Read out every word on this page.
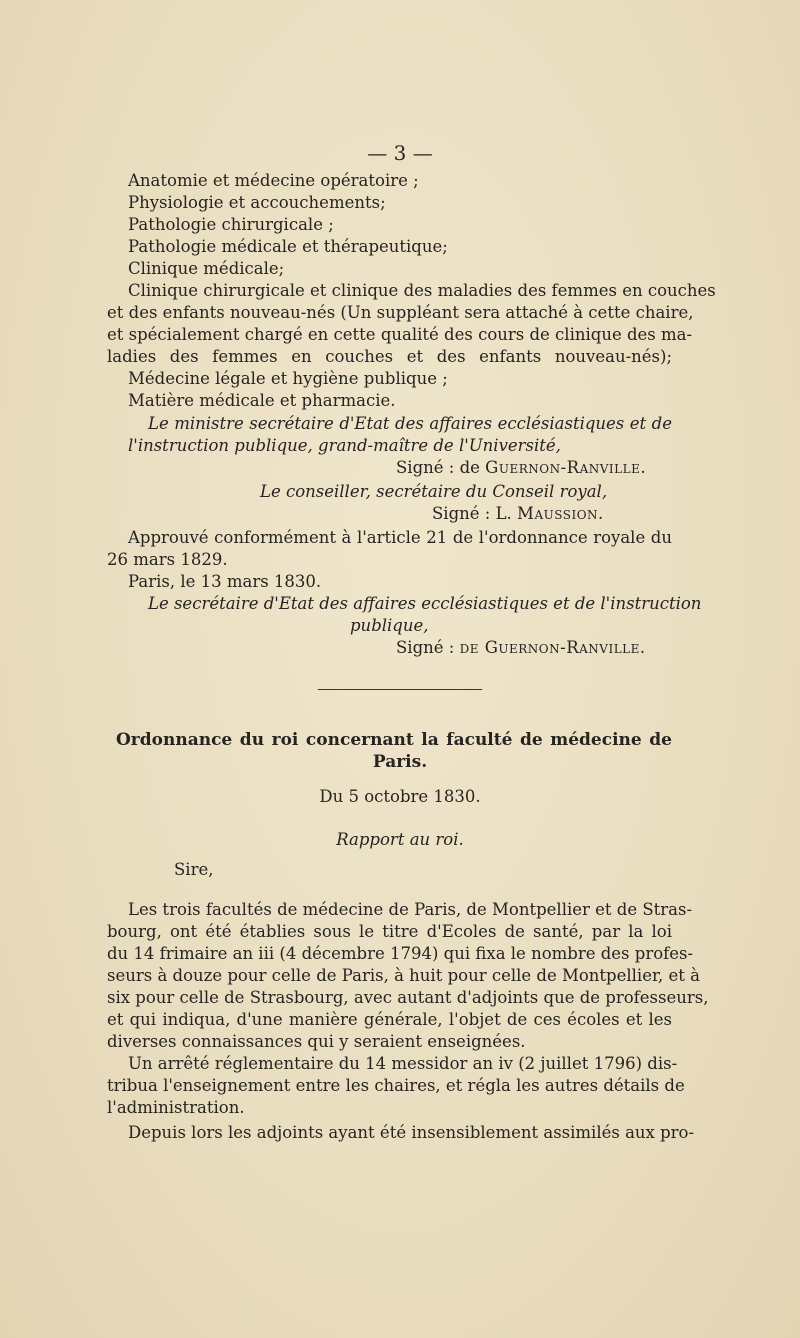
— 3 —
Anatomie et médecine opératoire ;
Physiologie et accouchements;
Pathologie chirurgicale ;
Pathologie médicale et thérapeutique;
Clinique médicale;
Clinique chirurgicale et clinique des maladies des femmes en couches
et des enfants nouveau-nés (Un suppléant sera attaché à cette chaire,
et spécialement chargé en cette qualité des cours de clinique des ma-
ladies des femmes en couches et des enfants nouveau-nés);
Médecine légale et hygiène publique ;
Matière médicale et pharmacie.
Le ministre secrétaire d'Etat des affaires ecclésiastiques et de
l'instruction publique, grand-maître de l'Université,
Signé : de Guernon-Ranville.
Le conseiller, secrétaire du Conseil royal,
Signé : L. Maussion.
Approuvé conformément à l'article 21 de l'ordonnance royale du
26 mars 1829.
Paris, le 13 mars 1830.
Le secrétaire d'Etat des affaires ecclésiastiques et de l'instruction
publique,
Signé : de Guernon-Ranville.
Ordonnance du roi concernant la faculté de médecine de
Paris.
Du 5 octobre 1830.
Rapport au roi.
Sire,
Les trois facultés de médecine de Paris, de Montpellier et de Stras-
bourg, ont été établies sous le titre d'Ecoles de santé, par la loi
du 14 frimaire an iii (4 décembre 1794) qui fixa le nombre des profes-
seurs à douze pour celle de Paris, à huit pour celle de Montpellier, et à
six pour celle de Strasbourg, avec autant d'adjoints que de professeurs,
et qui indiqua, d'une manière générale, l'objet de ces écoles et les
diverses connaissances qui y seraient enseignées.
Un arrêté réglementaire du 14 messidor an iv (2 juillet 1796) dis-
tribua l'enseignement entre les chaires, et régla les autres détails de
l'administration.
Depuis lors les adjoints ayant été insensiblement assimilés aux pro-
